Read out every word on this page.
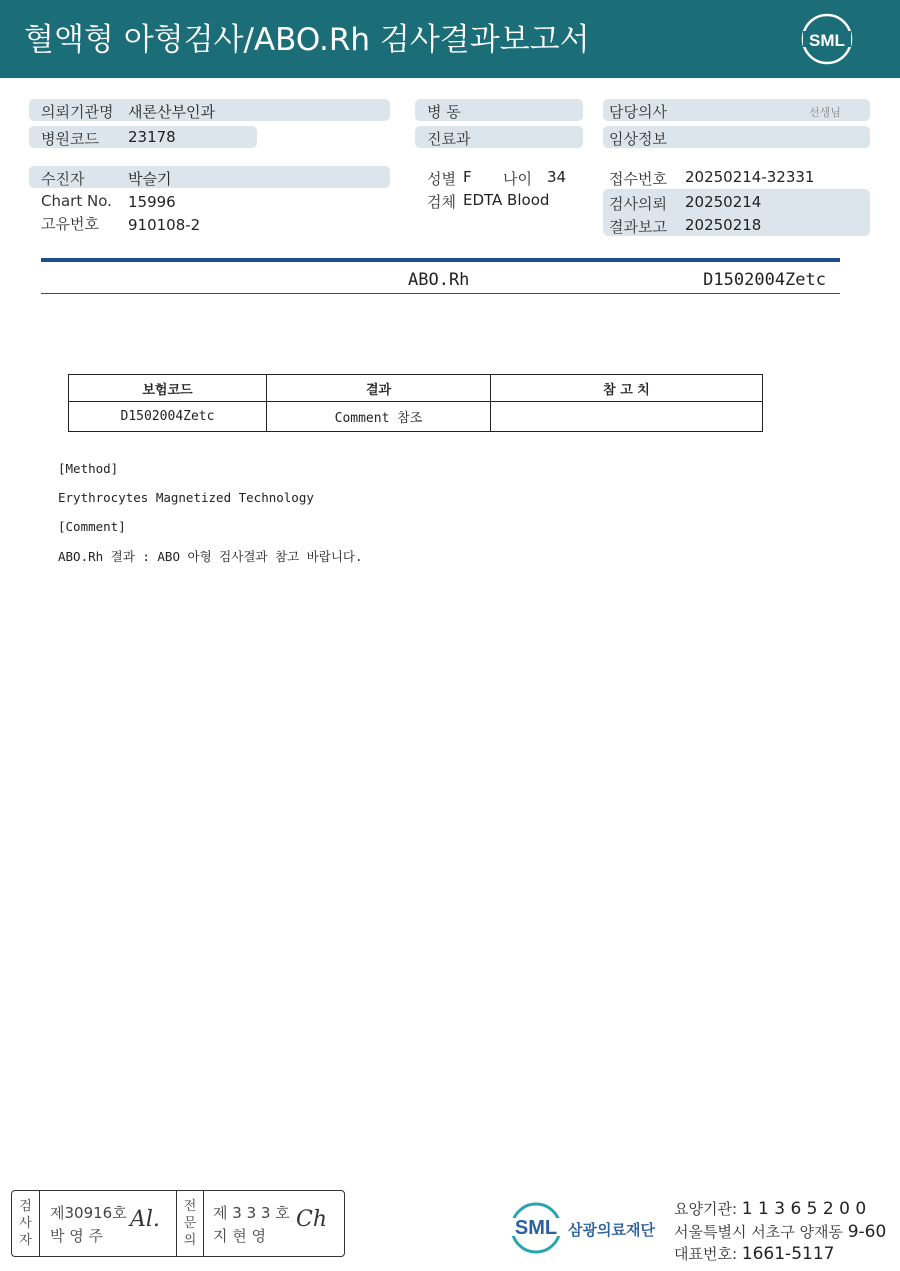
혈액형 아형검사/ABO.Rh 검사결과보고서	SML
의뢰기관명 새론산부인과
병원코드 23178
병 동
진료과
담당의사	선생님
임상정보
수진자	박슬기
Chart No. 15996
고유번호 910108-2
성별 F 나이 34
검체 EDTA Blood
접수번호 20250214-32331
검사의뢰 20250214
결과보고 20250218
ABO.Rh	D1502004Zetc
보험코드	결과	참 고 치
D1502004Zetc	Comment 참조	
[Method]
Erythrocytes Magnetized Technology
[Comment]
ABO.Rh 결과 : ABO 아형 검사결과 참고 바랍니다.
검사자
제30916호
박 영 주
Al.
전문의
제 3 3 3 호
지 현 영
Ch	SML 삼광의료재단
요양기관: 1 1 3 6 5 2 0 0
서울특별시 서초구 양재동 9-60
대표번호: 1661-5117
